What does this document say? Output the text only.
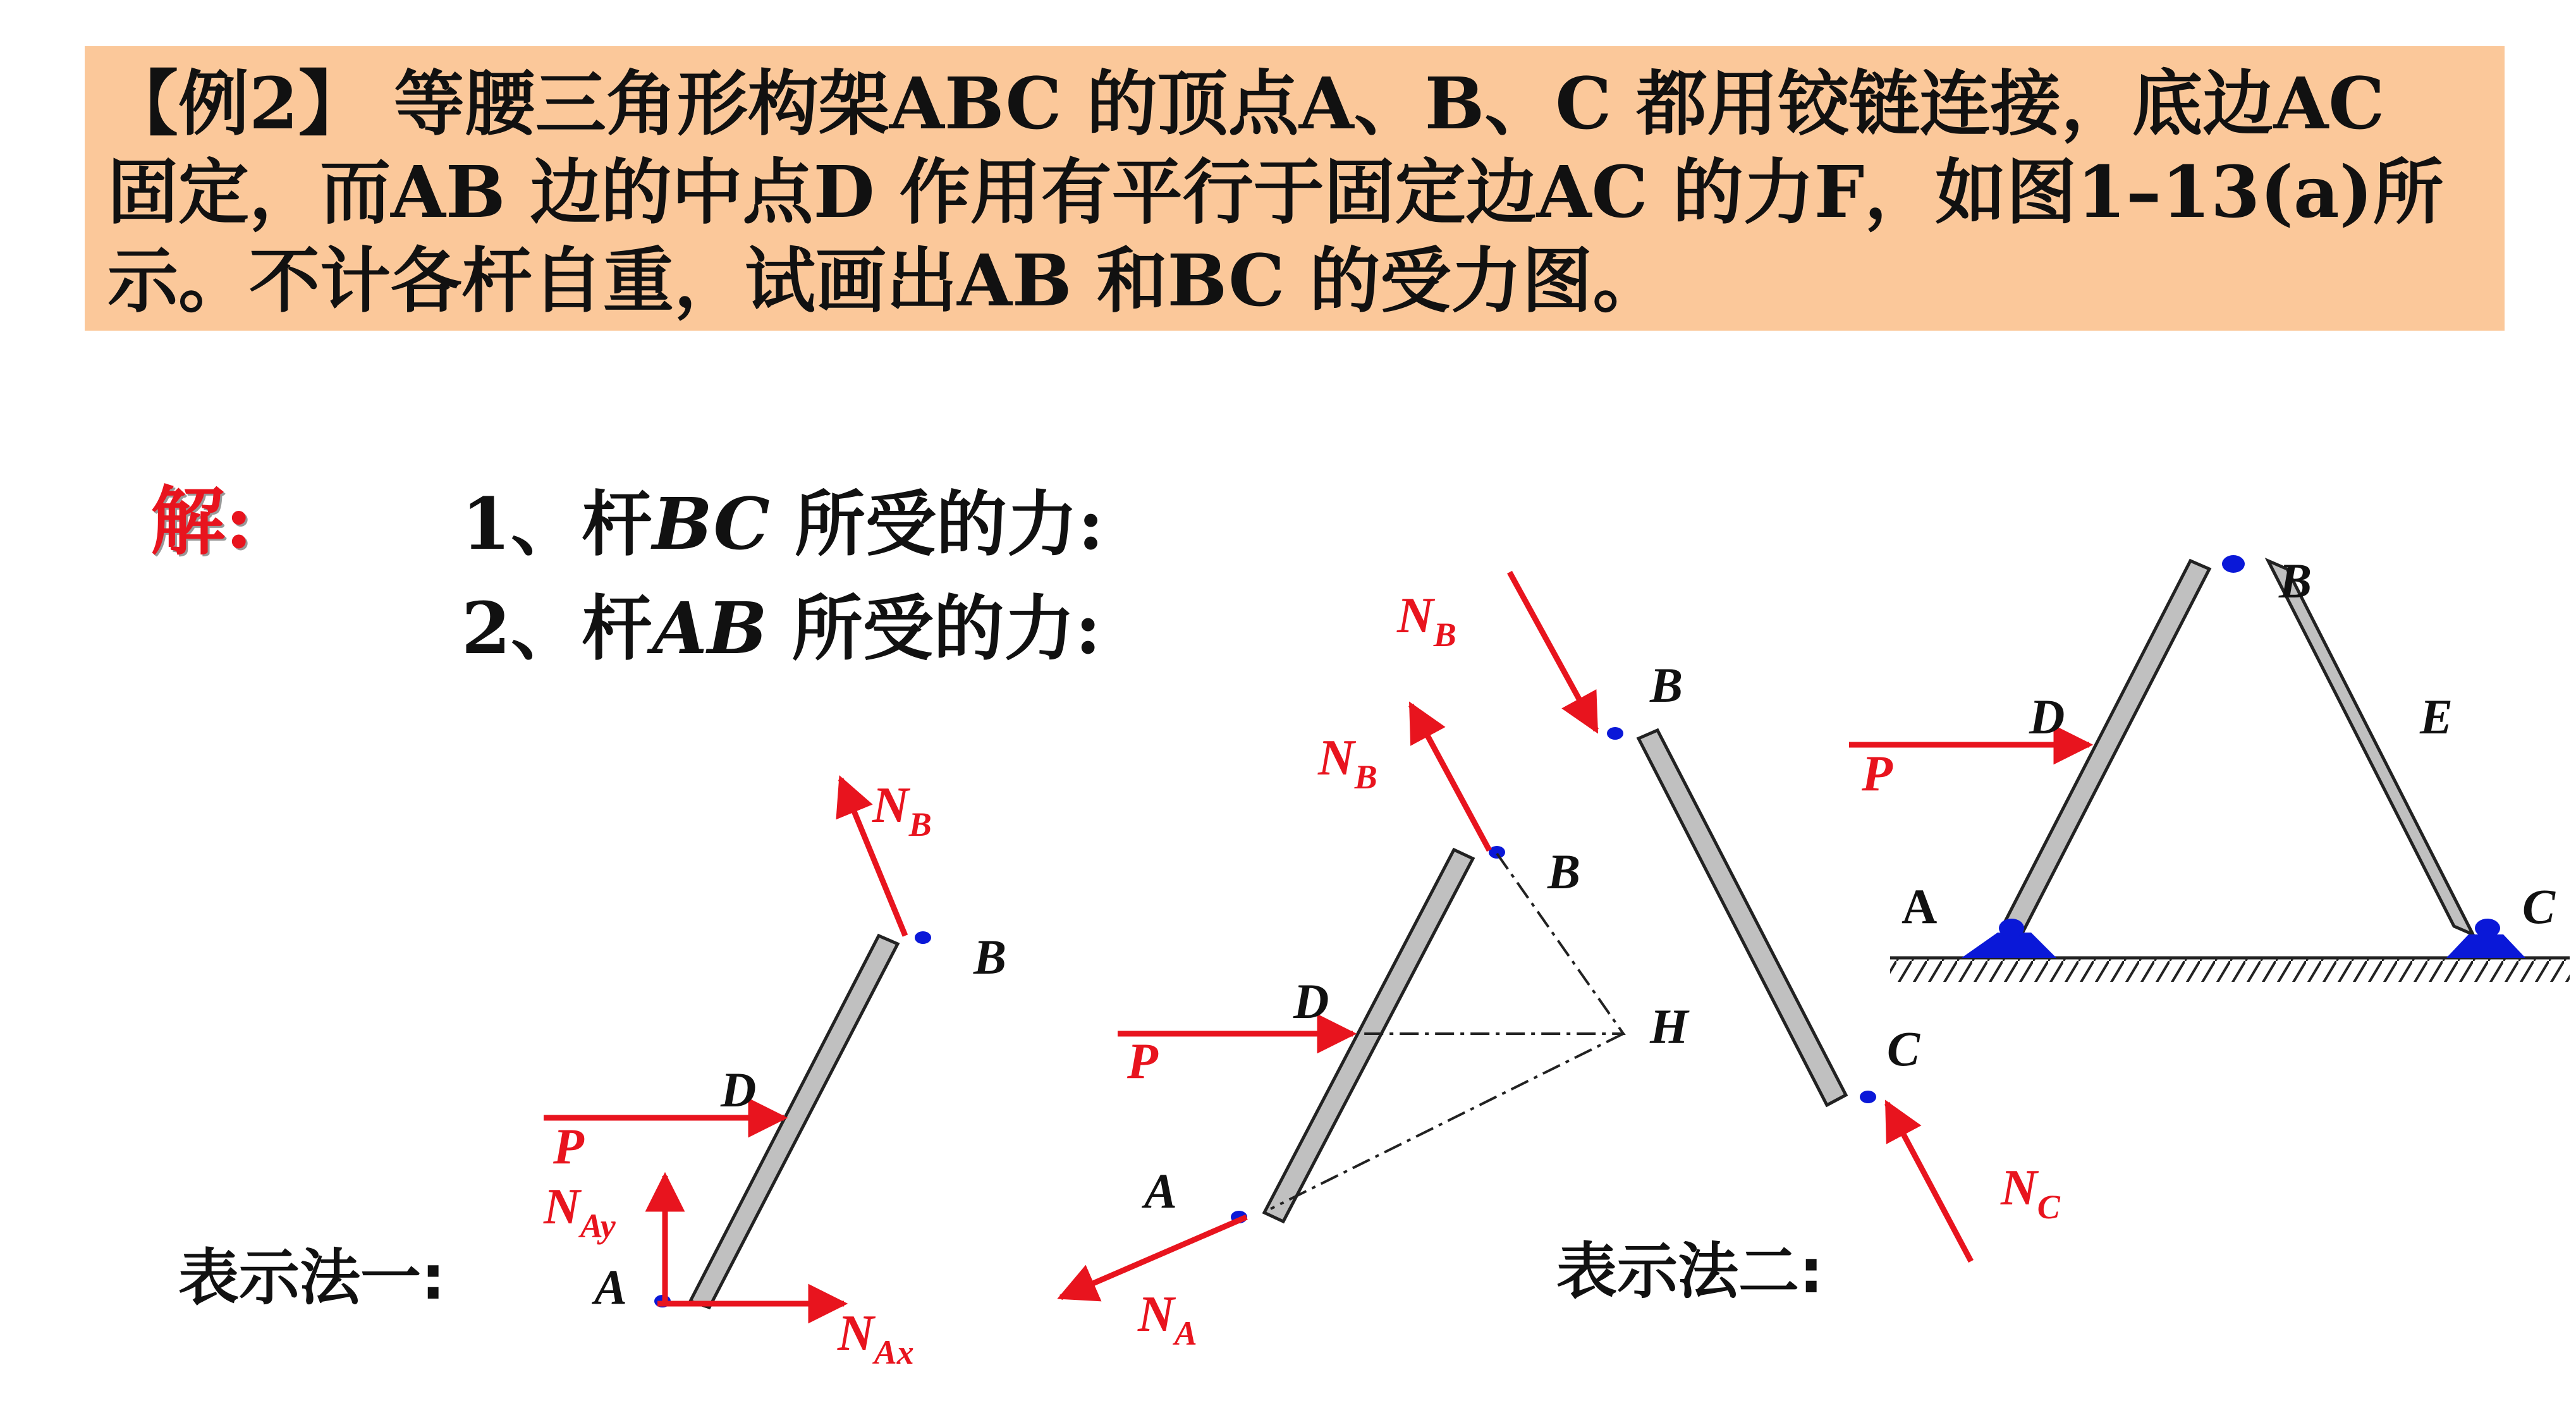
【例2】 等腰三角形构架ABC 的顶点A、B、C 都用铰链连接，底边AC
固定，而AB 边的中点D 作用有平行于固定边AC 的力F，如图1–13(a)所
示。不计各杆自重，试画出AB 和BC 的受力图。
解:	1、杆BC 所受的力:
2、杆AB 所受的力:
表示法一:	表示法二:
B
D
A
P
$N_B$
$N_{Ay}$
$N_{Ax}$
B
D	H
A
P
$N_B$
$N_A$
B
C
$N_B$
$N_C$
B
D	E
A	C
P
